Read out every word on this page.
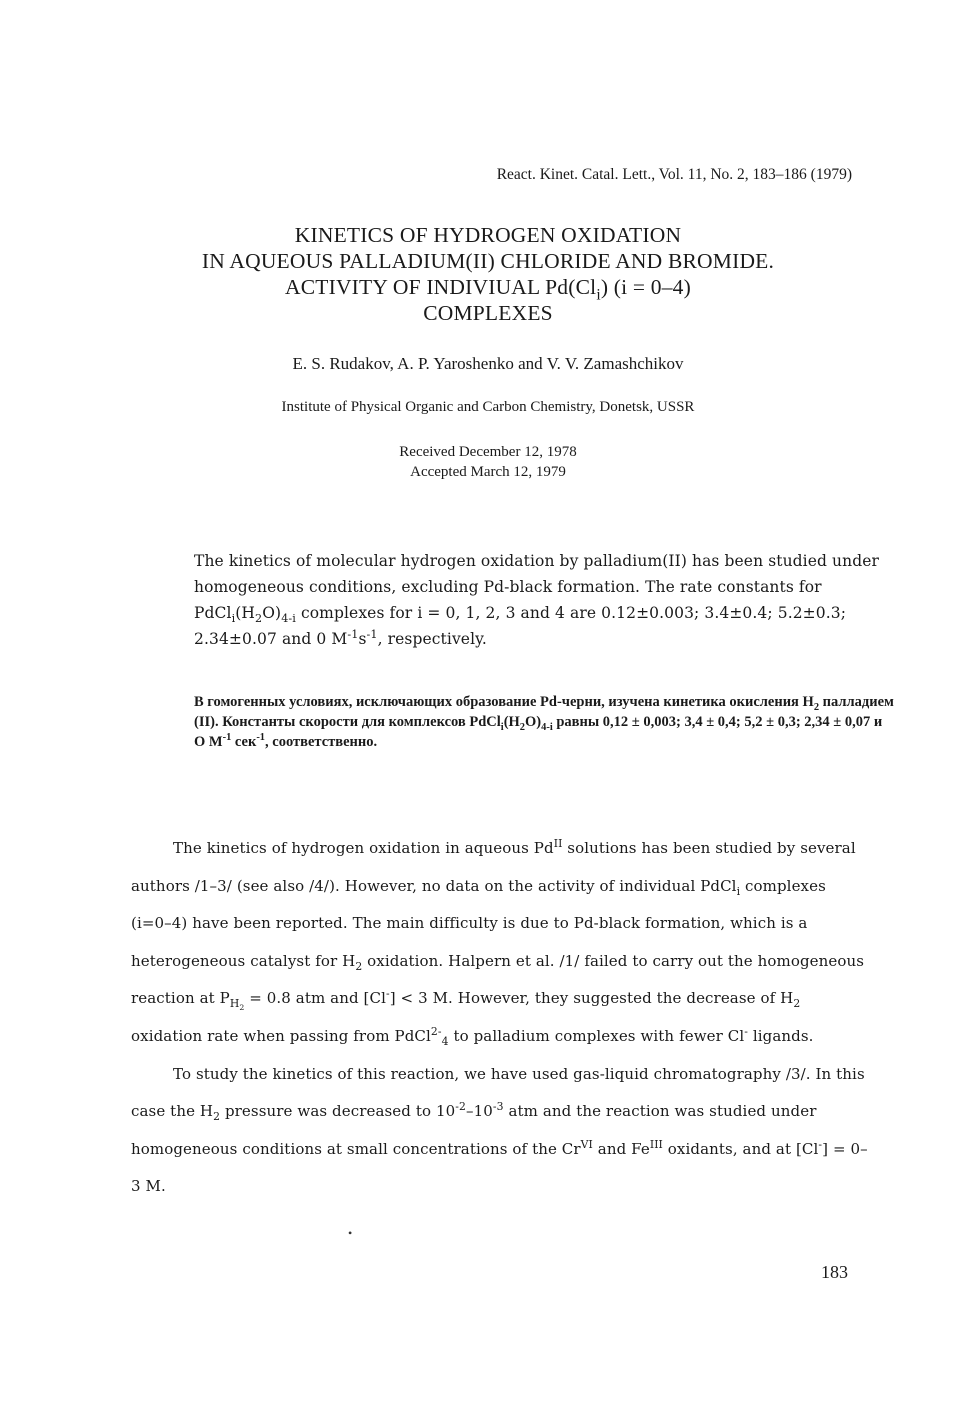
React. Kinet. Catal. Lett., Vol. 11, No. 2, 183–186 (1979)
KINETICS OF HYDROGEN OXIDATION
IN AQUEOUS PALLADIUM(II) CHLORIDE AND BROMIDE.
ACTIVITY OF INDIVIUAL $Pd(Cl_i) (i = 0-4)$
COMPLEXES
E. S. Rudakov, A. P. Yaroshenko and V. V. Zamashchikov
Institute of Physical Organic and Carbon Chemistry, Donetsk, USSR
Received December 12, 1978
Accepted March 12, 1979
The kinetics of molecular hydrogen oxidation by palladium(II) has been studied under homogeneous conditions, excluding Pd-black formation. The rate constants for $PdCl_i(H_2O)_{4-i}$ complexes for i = 0, 1, 2, 3 and 4 are 0.12±0.003; 3.4±0.4; 5.2±0.3; 2.34±0.07 and 0 $M^{-1}s^{-1}$, respectively.
В гомогенных условиях, исключающих образование Pd-черни, изучена кинетика окисления $H_2$ палладием (II). Константы скорости для комплексов $PdCl_i(H_2O)_{4-i}$ равны 0,12 ± 0,003; 3,4 ± 0,4; 5,2 ± 0,3; 2,34 ± 0,07 и O $M^{-1}$ сек$^{-1}$, соответственно.

The kinetics of hydrogen oxidation in aqueous $Pd^{II}$ solutions has been studied by several authors /1–3/ (see also /4/). However, no data on the activity of individual PdCl$_i$ complexes (i=0–4) have been reported. The main difficulty is due to Pd-black formation, which is a heterogeneous catalyst for $H_2$ oxidation. Halpern et al. /1/ failed to carry out the homogeneous reaction at $P_{H_2} = 0.8$ atm and [Cl-] < 3 M. However, they suggested the decrease of $H_2$ oxidation rate when passing from PdCl$^{2-}_4$ to palladium complexes with fewer Cl- ligands.

To study the kinetics of this reaction, we have used gas-liquid chromatography /3/. In this case the $H_2$ pressure was decreased to $10^{-2}-10^{-3}$ atm and the reaction was studied under homogeneous conditions at small concentrations of the $Cr^{VI}$ and $Fe^{III}$ oxidants, and at [Cl-] = 0–3 M.

•
183
